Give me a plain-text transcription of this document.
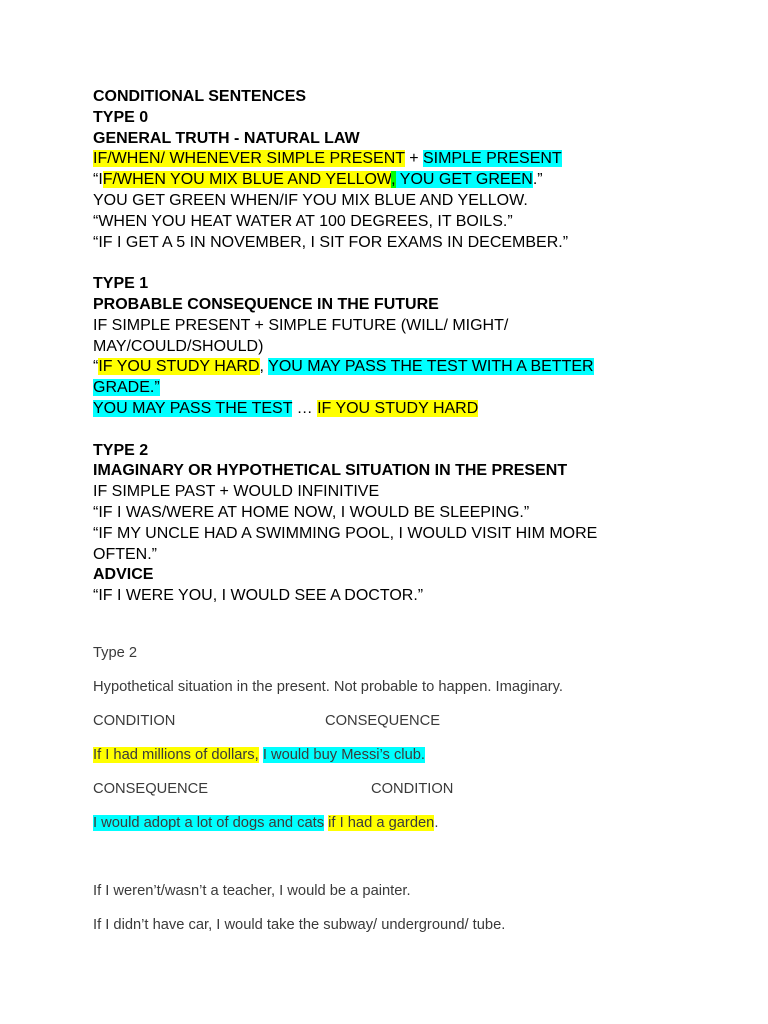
CONDITIONAL SENTENCES
TYPE 0
GENERAL TRUTH - NATURAL LAW
IF/WHEN/ WHENEVER SIMPLE PRESENT + SIMPLE PRESENT
“IF/WHEN YOU MIX BLUE AND YELLOW, YOU GET GREEN.”
YOU GET GREEN WHEN/IF YOU MIX BLUE AND YELLOW.
“WHEN YOU HEAT WATER AT 100 DEGREES, IT BOILS.”
“IF I GET A 5 IN NOVEMBER, I SIT FOR EXAMS IN DECEMBER.”
TYPE 1
PROBABLE CONSEQUENCE IN THE FUTURE
IF SIMPLE PRESENT + SIMPLE FUTURE (WILL/ MIGHT/
MAY/COULD/SHOULD)
“IF YOU STUDY HARD, YOU MAY PASS THE TEST WITH A BETTER
GRADE.”
YOU MAY PASS THE TEST … IF YOU STUDY HARD
TYPE 2
IMAGINARY OR HYPOTHETICAL SITUATION IN THE PRESENT
IF SIMPLE PAST + WOULD INFINITIVE
“IF I WAS/WERE AT HOME NOW, I WOULD BE SLEEPING.”
“IF MY UNCLE HAD A SWIMMING POOL, I WOULD VISIT HIM MORE
OFTEN.”
ADVICE
“IF I WERE YOU, I WOULD SEE A DOCTOR.”
Type 2
Hypothetical situation in the present. Not probable to happen. Imaginary.
CONDITION	CONSEQUENCE
If I had millions of dollars, I would buy Messi’s club.
CONSEQUENCE	CONDITION
I would adopt a lot of dogs and cats if I had a garden.
If I weren’t/wasn’t a teacher, I would be a painter.
If I didn’t have car, I would take the subway/ underground/ tube.
